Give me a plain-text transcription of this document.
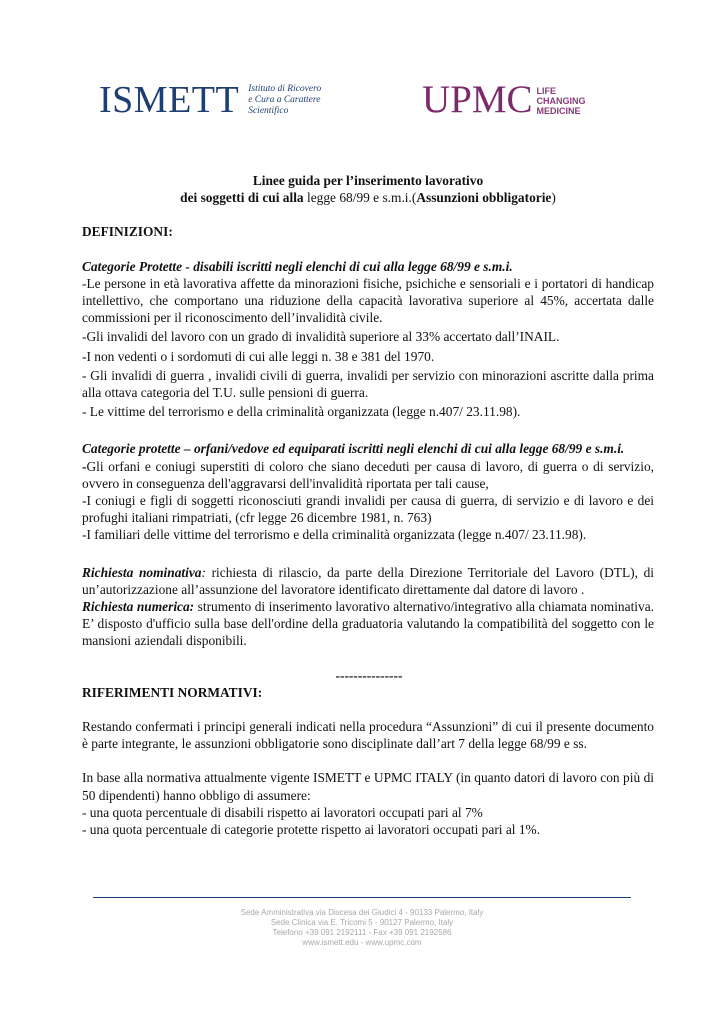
ISMETT Istituto di Ricovero
e Cura a Carattere
Scientifico	UPMC LIFE
CHANGING
MEDICINE
Linee guida per l’inserimento lavorativo
dei soggetti di cui alla legge 68/99 e s.m.i.(Assunzioni obbligatorie)

DEFINIZIONI:

Categorie Protette - disabili iscritti negli elenchi di cui alla legge 68/99 e s.m.i.

-Le persone in età lavorativa affette da minorazioni fisiche, psichiche e sensoriali e i portatori di handicap intellettivo, che comportano una riduzione della capacità lavorativa superiore al 45%, accertata dalle commissioni per il riconoscimento dell’invalidità civile.

-Gli invalidi del lavoro con un grado di invalidità superiore al 33% accertato dall’INAIL.

-I non vedenti o i sordomuti di cui alle leggi n. 38 e 381 del 1970.

- Gli invalidi di guerra , invalidi civili di guerra, invalidi per servizio con minorazioni ascritte dalla prima alla ottava categoria del T.U. sulle pensioni di guerra.

- Le vittime del terrorismo e della criminalità organizzata (legge n.407/ 23.11.98).

Categorie protette – orfani/vedove ed equiparati iscritti negli elenchi di cui alla legge 68/99 e s.m.i.

-Gli orfani e coniugi superstiti di coloro che siano deceduti per causa di lavoro, di guerra o di servizio, ovvero in conseguenza dell'aggravarsi dell'invalidità riportata per tali cause,

-I coniugi e figli di soggetti riconosciuti grandi invalidi per causa di guerra, di servizio e di lavoro e dei profughi italiani rimpatriati, (cfr legge 26 dicembre 1981, n. 763)

-I familiari delle vittime del terrorismo e della criminalità organizzata (legge n.407/ 23.11.98).

Richiesta nominativa: richiesta di rilascio, da parte della Direzione Territoriale del Lavoro (DTL), di un’autorizzazione all’assunzione del lavoratore identificato direttamente dal datore di lavoro .

Richiesta numerica: strumento di inserimento lavorativo alternativo/integrativo alla chiamata nominativa. E’ disposto d'ufficio sulla base dell'ordine della graduatoria valutando la compatibilità del soggetto con le mansioni aziendali disponibili.

---------------

RIFERIMENTI NORMATIVI:

Restando confermati i principi generali indicati nella procedura “Assunzioni” di cui il presente documento è parte integrante, le assunzioni obbligatorie sono disciplinate dall’art 7 della legge 68/99 e ss.

In base alla normativa attualmente vigente ISMETT e UPMC ITALY (in quanto datori di lavoro con più di 50 dipendenti) hanno obbligo di assumere:

- una quota percentuale di disabili rispetto ai lavoratori occupati pari al 7%

- una quota percentuale di categorie protette rispetto ai lavoratori occupati pari al 1%.

Sede Amministrativa via Discesa dei Giudici 4 - 90133 Palermo, Italy
Sede Clinica via E. Tricomi 5 - 90127 Palermo, Italy
Telefono +39 091 2192111 - Fax +39 091 2192586
www.ismett.edu - www.upmc.com
